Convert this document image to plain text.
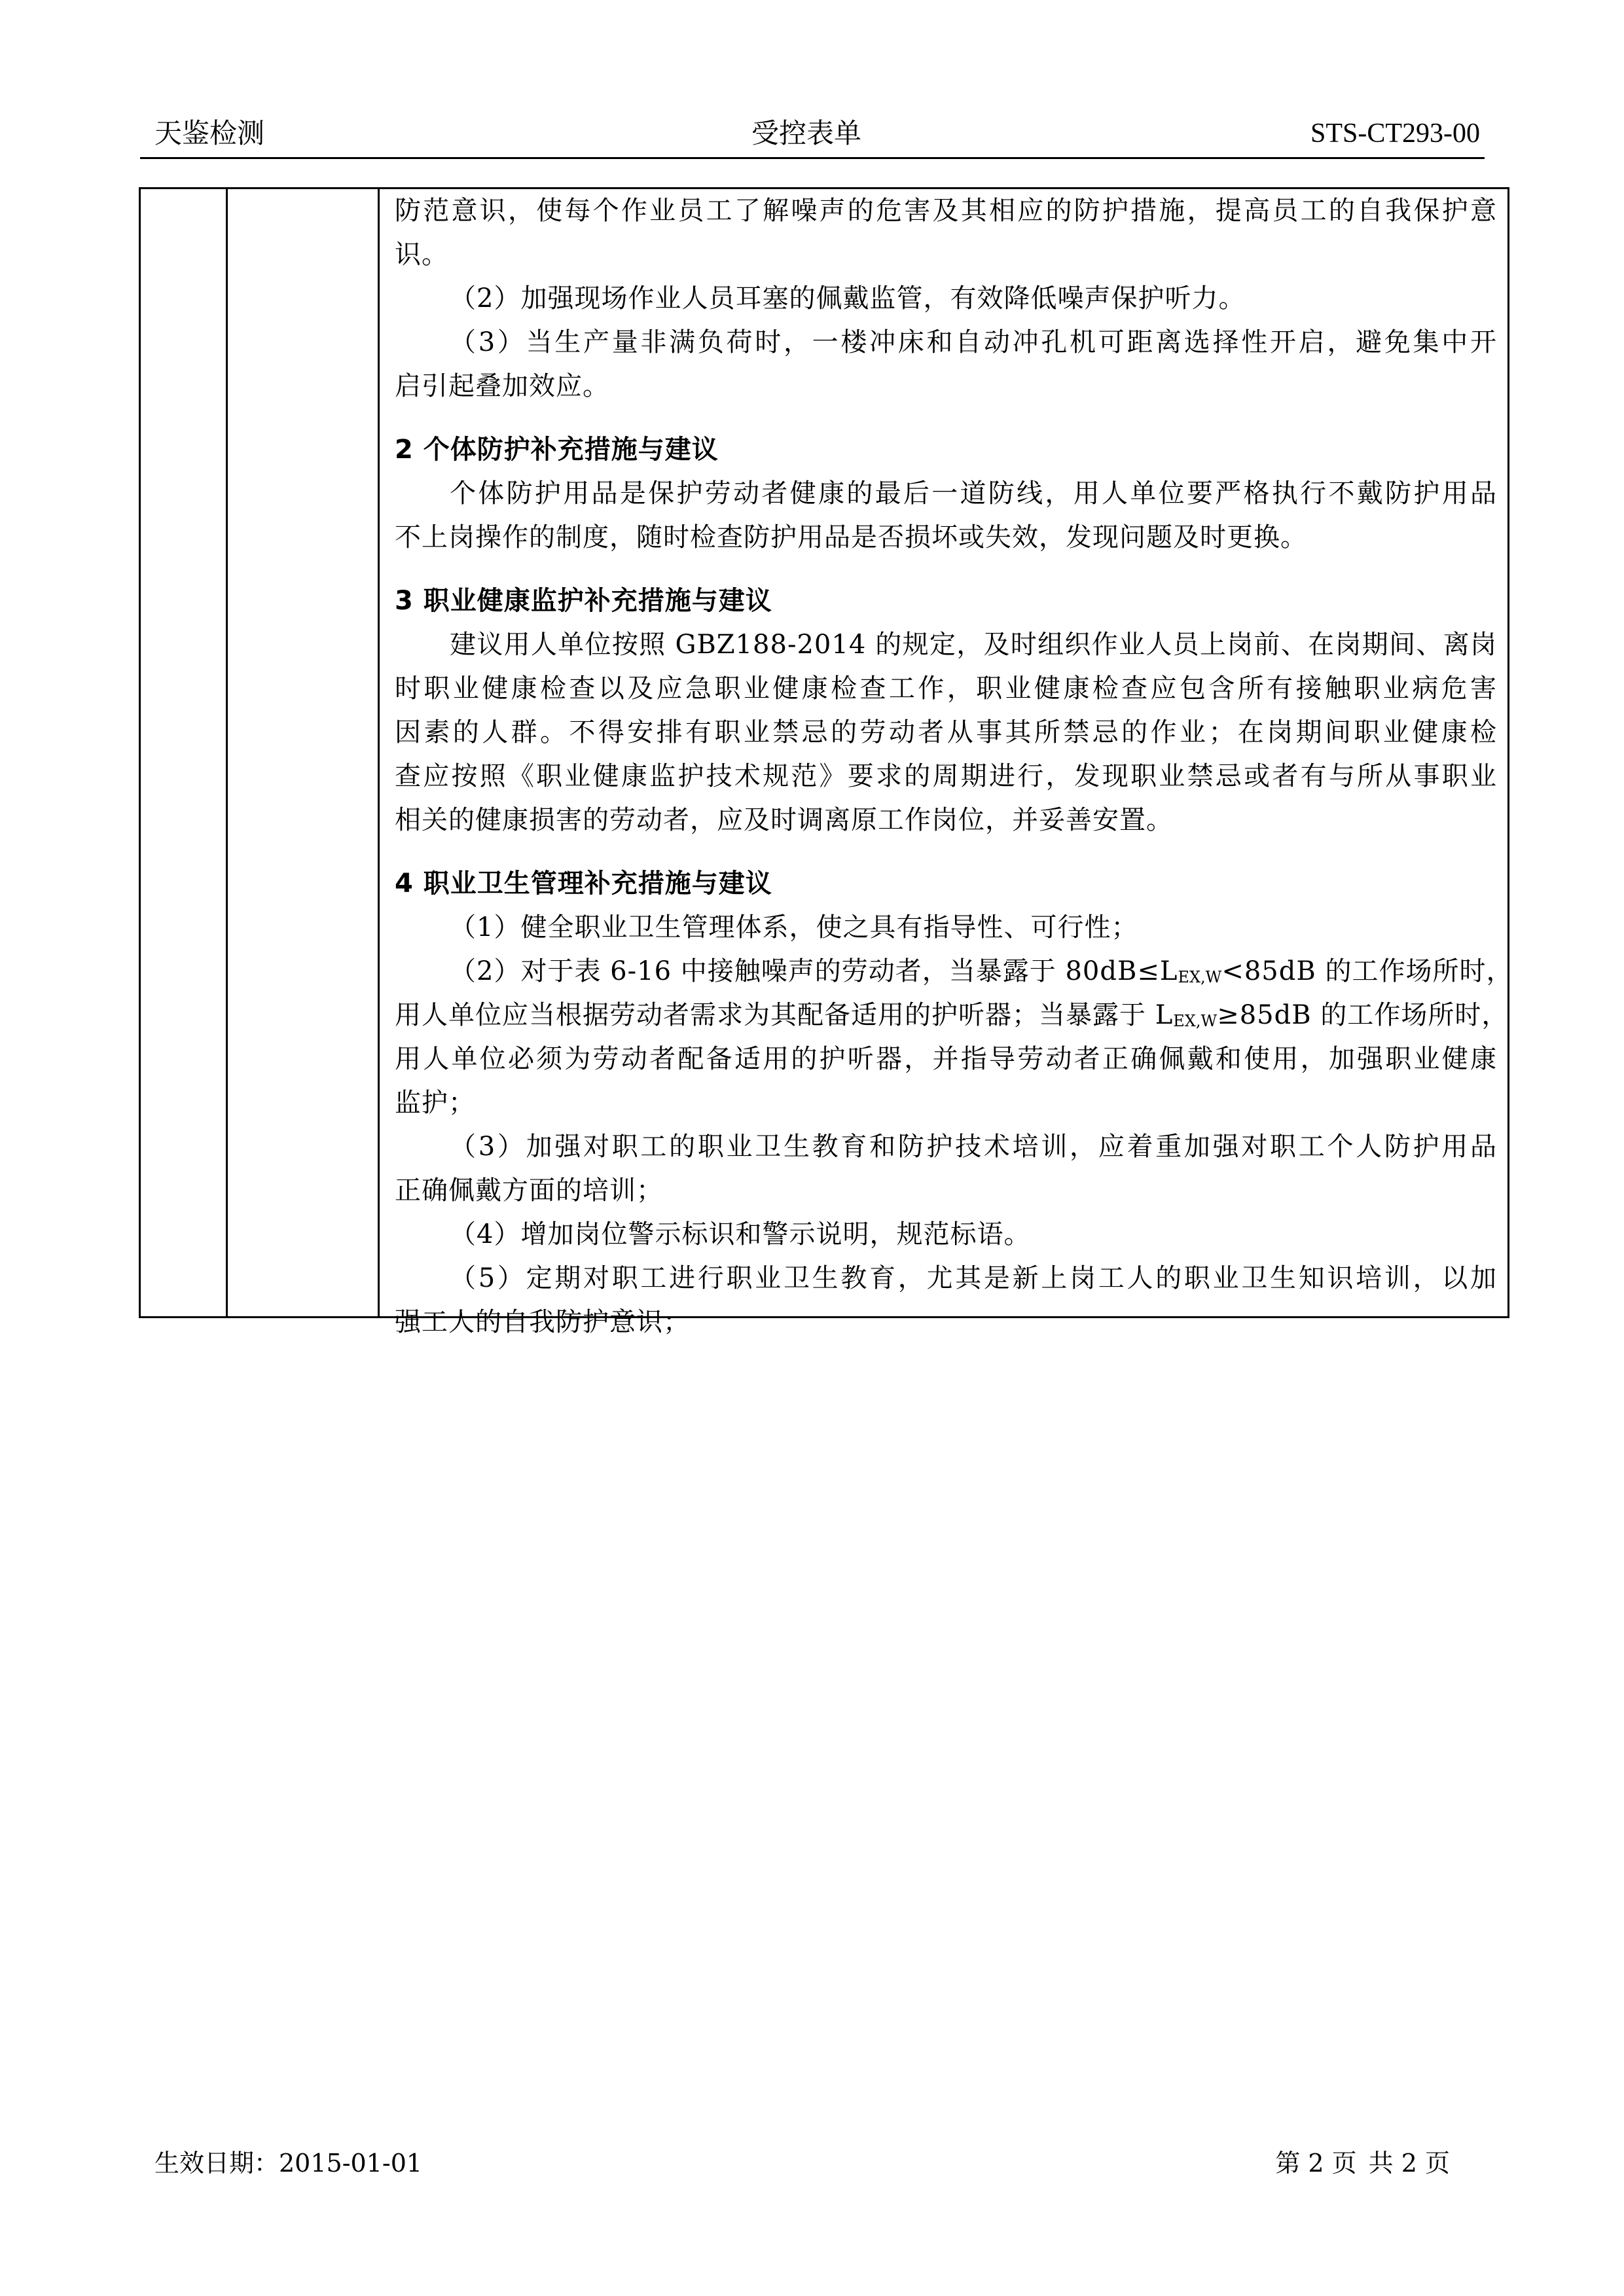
天鉴检测	受控表单	STS-CT293-00
防范意识，使每个作业员工了解噪声的危害及其相应的防护措施，提高员工的自我保护意
识。
（2）加强现场作业人员耳塞的佩戴监管，有效降低噪声保护听力。
（3）当生产量非满负荷时，一楼冲床和自动冲孔机可距离选择性开启，避免集中开
启引起叠加效应。
2 个体防护补充措施与建议
个体防护用品是保护劳动者健康的最后一道防线，用人单位要严格执行不戴防护用品
不上岗操作的制度，随时检查防护用品是否损坏或失效，发现问题及时更换。
3 职业健康监护补充措施与建议
建议用人单位按照 GBZ188-2014 的规定，及时组织作业人员上岗前、在岗期间、离岗
时职业健康检查以及应急职业健康检查工作，职业健康检查应包含所有接触职业病危害
因素的人群。不得安排有职业禁忌的劳动者从事其所禁忌的作业；在岗期间职业健康检
查应按照《职业健康监护技术规范》要求的周期进行，发现职业禁忌或者有与所从事职业
相关的健康损害的劳动者，应及时调离原工作岗位，并妥善安置。
4 职业卫生管理补充措施与建议
（1）健全职业卫生管理体系，使之具有指导性、可行性；
（2）对于表 6-16 中接触噪声的劳动者，当暴露于 $80dB\le L_{EX,W}<85dB$ 的工作场所时，
用人单位应当根据劳动者需求为其配备适用的护听器；当暴露于 $L_{EX,W}\ge 85dB$ 的工作场所时，
用人单位必须为劳动者配备适用的护听器，并指导劳动者正确佩戴和使用，加强职业健康
监护；
（3）加强对职工的职业卫生教育和防护技术培训，应着重加强对职工个人防护用品
正确佩戴方面的培训；
（4）增加岗位警示标识和警示说明，规范标语。
（5）定期对职工进行职业卫生教育，尤其是新上岗工人的职业卫生知识培训，以加
强工人的自我防护意识；
生效日期：2015-01-01	第 2 页 共 2 页
